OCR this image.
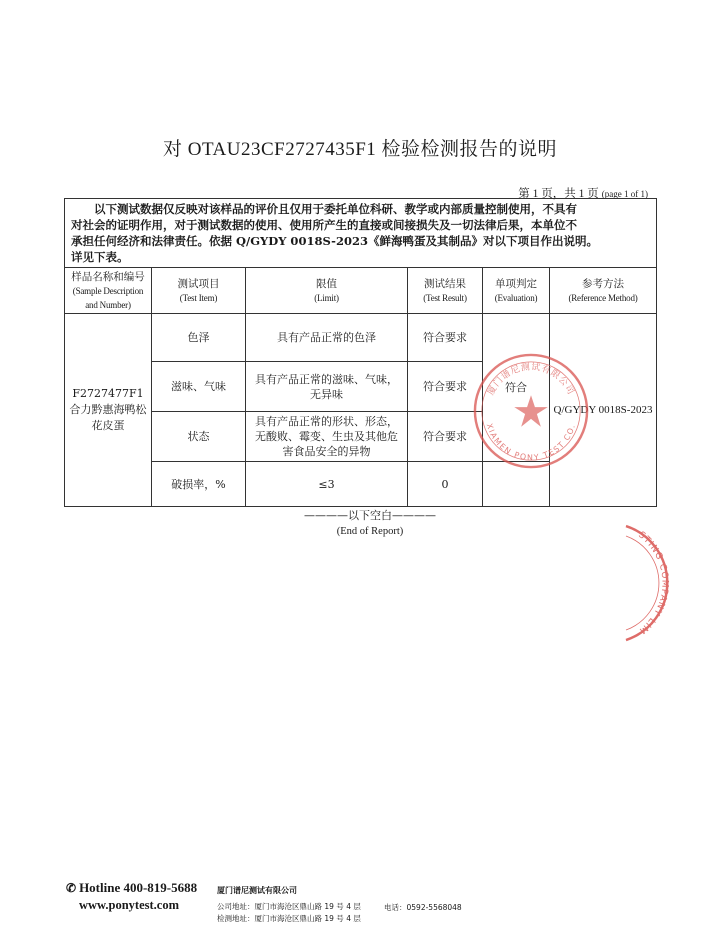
对 OTAU23CF2727435F1 检验检测报告的说明
第 1 页，共 1 页 (page 1 of 1)
以下测试数据仅反映对该样品的评价且仅用于委托单位科研、教学或内部质量控制使用，不具有
对社会的证明作用，对于测试数据的使用、使用所产生的直接或间接损失及一切法律后果，本单位不
承担任何经济和法律责任。依据 Q/GYDY 0018S-2023《鲜海鸭蛋及其制品》对以下项目作出说明。
详见下表。					

样品名称和编号
(Sample Description
and Number)	测试项目
(Test Item)	限值
(Limit)	测试结果
(Test Result)	单项判定
(Evaluation)	参考方法
(Reference Method)

F2727477F1
合力黔惠海鸭松
花皮蛋	色泽	具有产品正常的色泽	符合要求	符合	Q/GYDY 0018S-2023
	滋味、气味	具有产品正常的滋味、气味，
无异味	符合要求		
	状态	具有产品正常的形状、形态，
无酸败、霉变、生虫及其他危
害食品安全的异物	符合要求		
	破损率，%	≤3	0		
————以下空白————
(End of Report)
厦门谱尼测试有限公司
XIAMEN PONY TEST CO.
STING COMPANY LIM
✆ Hotline 400-819-5688
www.ponytest.com
厦门谱尼测试有限公司
公司地址：厦门市海沧区鼎山路 19 号 4 层
检测地址：厦门市海沧区鼎山路 19 号 4 层
电话：0592-5568048
